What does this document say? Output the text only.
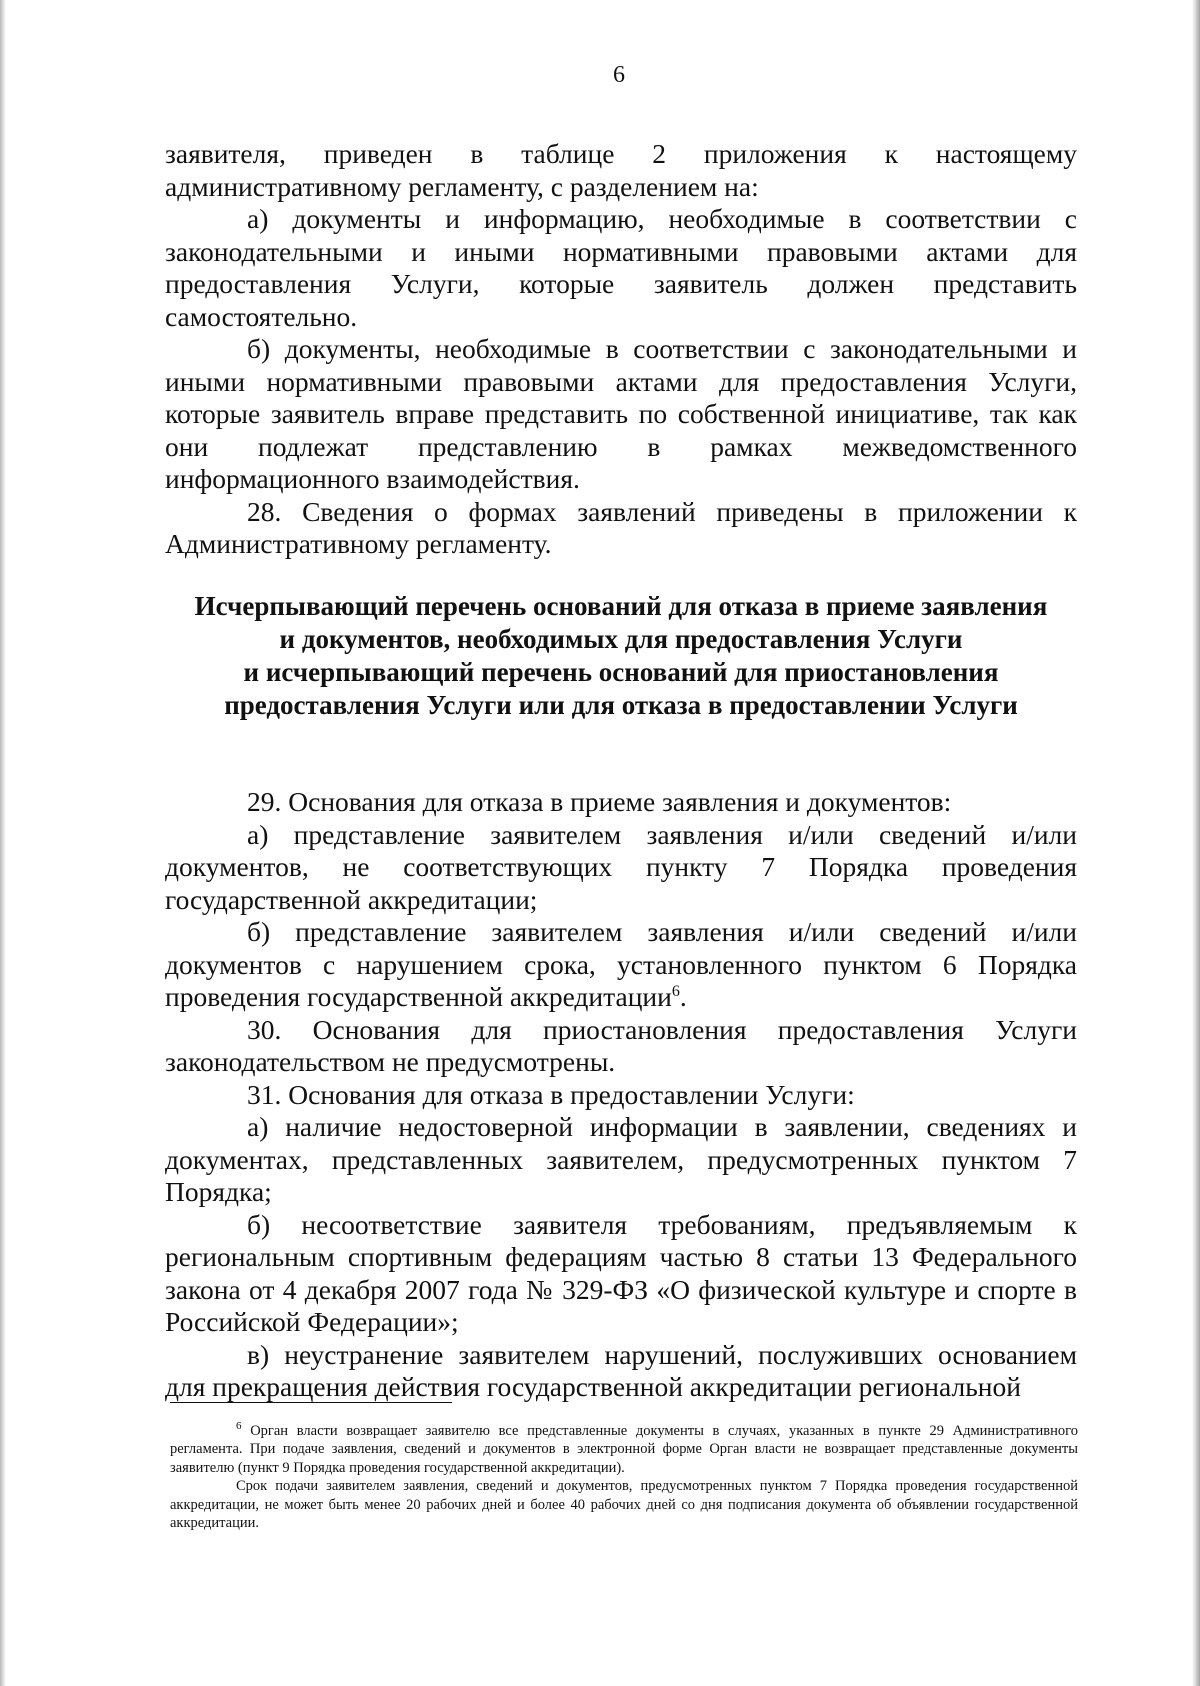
6

заявителя, приведен в таблице 2 приложения к настоящему административному регламенту, с разделением на:

а) документы и информацию, необходимые в соответствии с законодательными и иными нормативными правовыми актами для предоставления Услуги, которые заявитель должен представить самостоятельно.

б) документы, необходимые в соответствии с законодательными и иными нормативными правовыми актами для предоставления Услуги, которые заявитель вправе представить по собственной инициативе, так как они подлежат представлению в рамках межведомственного информационного взаимодействия.

28. Сведения о формах заявлений приведены в приложении к Административному регламенту.

Исчерпывающий перечень оснований для отказа в приеме заявления
и документов, необходимых для предоставления Услуги
и исчерпывающий перечень оснований для приостановления
предоставления Услуги или для отказа в предоставлении Услуги

29. Основания для отказа в приеме заявления и документов:

а) представление заявителем заявления и/или сведений и/или документов, не соответствующих пункту 7 Порядка проведения государственной аккредитации;

б) представление заявителем заявления и/или сведений и/или документов с нарушением срока, установленного пунктом 6 Порядка проведения государственной аккредитации$^6$.

30. Основания для приостановления предоставления Услуги законодательством не предусмотрены.

31. Основания для отказа в предоставлении Услуги:

а) наличие недостоверной информации в заявлении, сведениях и документах, представленных заявителем, предусмотренных пунктом 7 Порядка;

б) несоответствие заявителя требованиям, предъявляемым к региональным спортивным федерациям частью 8 статьи 13 Федерального закона от 4 декабря 2007 года № 329-ФЗ «О физической культуре и спорте в Российской Федерации»;

в) неустранение заявителем нарушений, послуживших основанием для прекращения действия государственной аккредитации региональной

$^6$ Орган власти возвращает заявителю все представленные документы в случаях, указанных в пункте 29 Административного регламента. При подаче заявления, сведений и документов в электронной форме Орган власти не возвращает представленные документы заявителю (пункт 9 Порядка проведения государственной аккредитации).

Срок подачи заявителем заявления, сведений и документов, предусмотренных пунктом 7 Порядка проведения государственной аккредитации, не может быть менее 20 рабочих дней и более 40 рабочих дней со дня подписания документа об объявлении государственной аккредитации.
